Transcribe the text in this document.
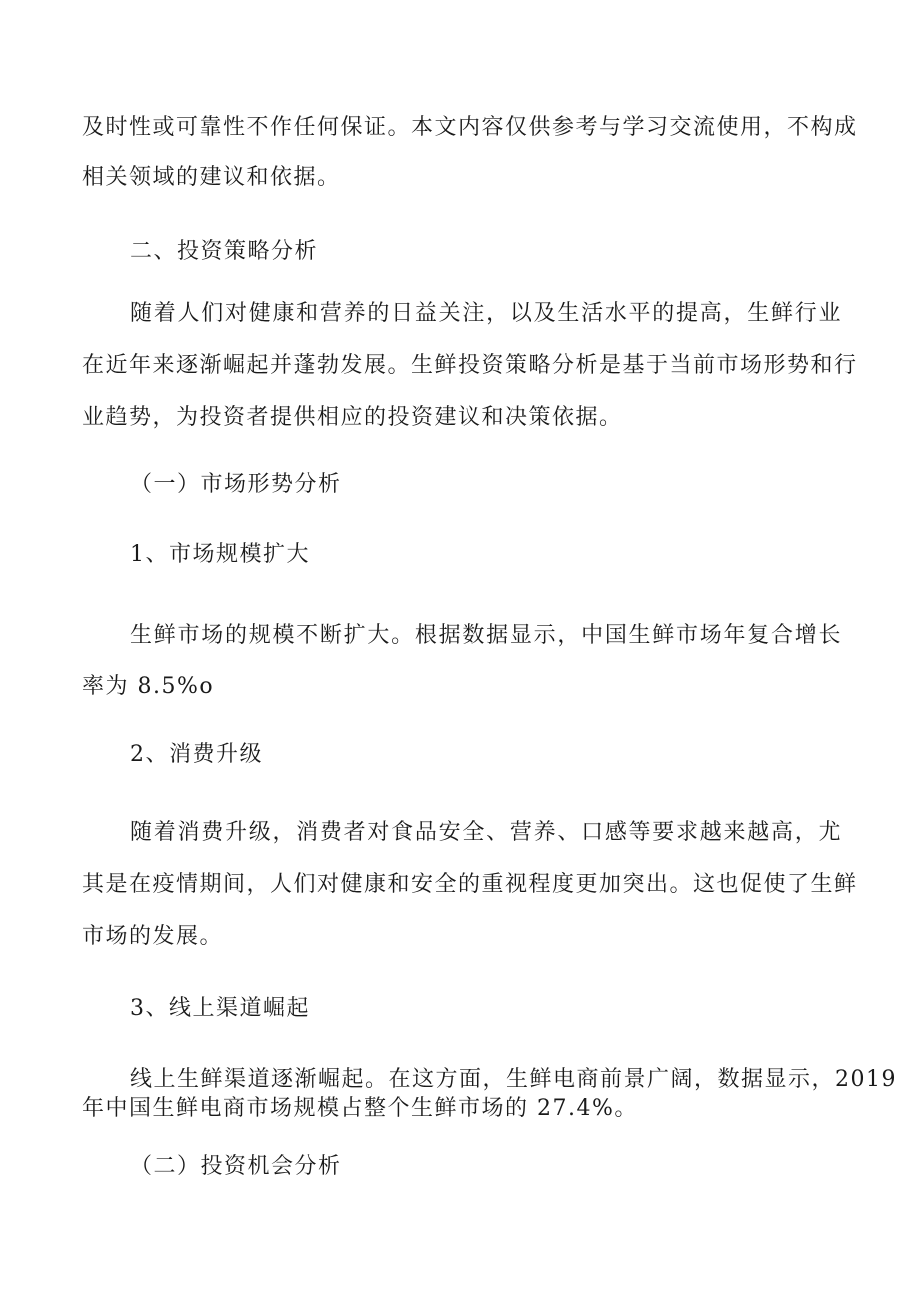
及时性或可靠性不作任何保证。本文内容仅供参考与学习交流使用，不构成
相关领域的建议和依据。
二、投资策略分析
随着人们对健康和营养的日益关注，以及生活水平的提高，生鲜行业
在近年来逐渐崛起并蓬勃发展。生鲜投资策略分析是基于当前市场形势和行
业趋势，为投资者提供相应的投资建议和决策依据。
（一）市场形势分析
1、市场规模扩大
生鲜市场的规模不断扩大。根据数据显示，中国生鲜市场年复合增长
率为 8.5%o
2、消费升级
随着消费升级，消费者对食品安全、营养、口感等要求越来越高，尤
其是在疫情期间，人们对健康和安全的重视程度更加突出。这也促使了生鲜
市场的发展。
3、线上渠道崛起
线上生鲜渠道逐渐崛起。在这方面，生鲜电商前景广阔，数据显示，2019
年中国生鲜电商市场规模占整个生鲜市场的 27.4%。
（二）投资机会分析
